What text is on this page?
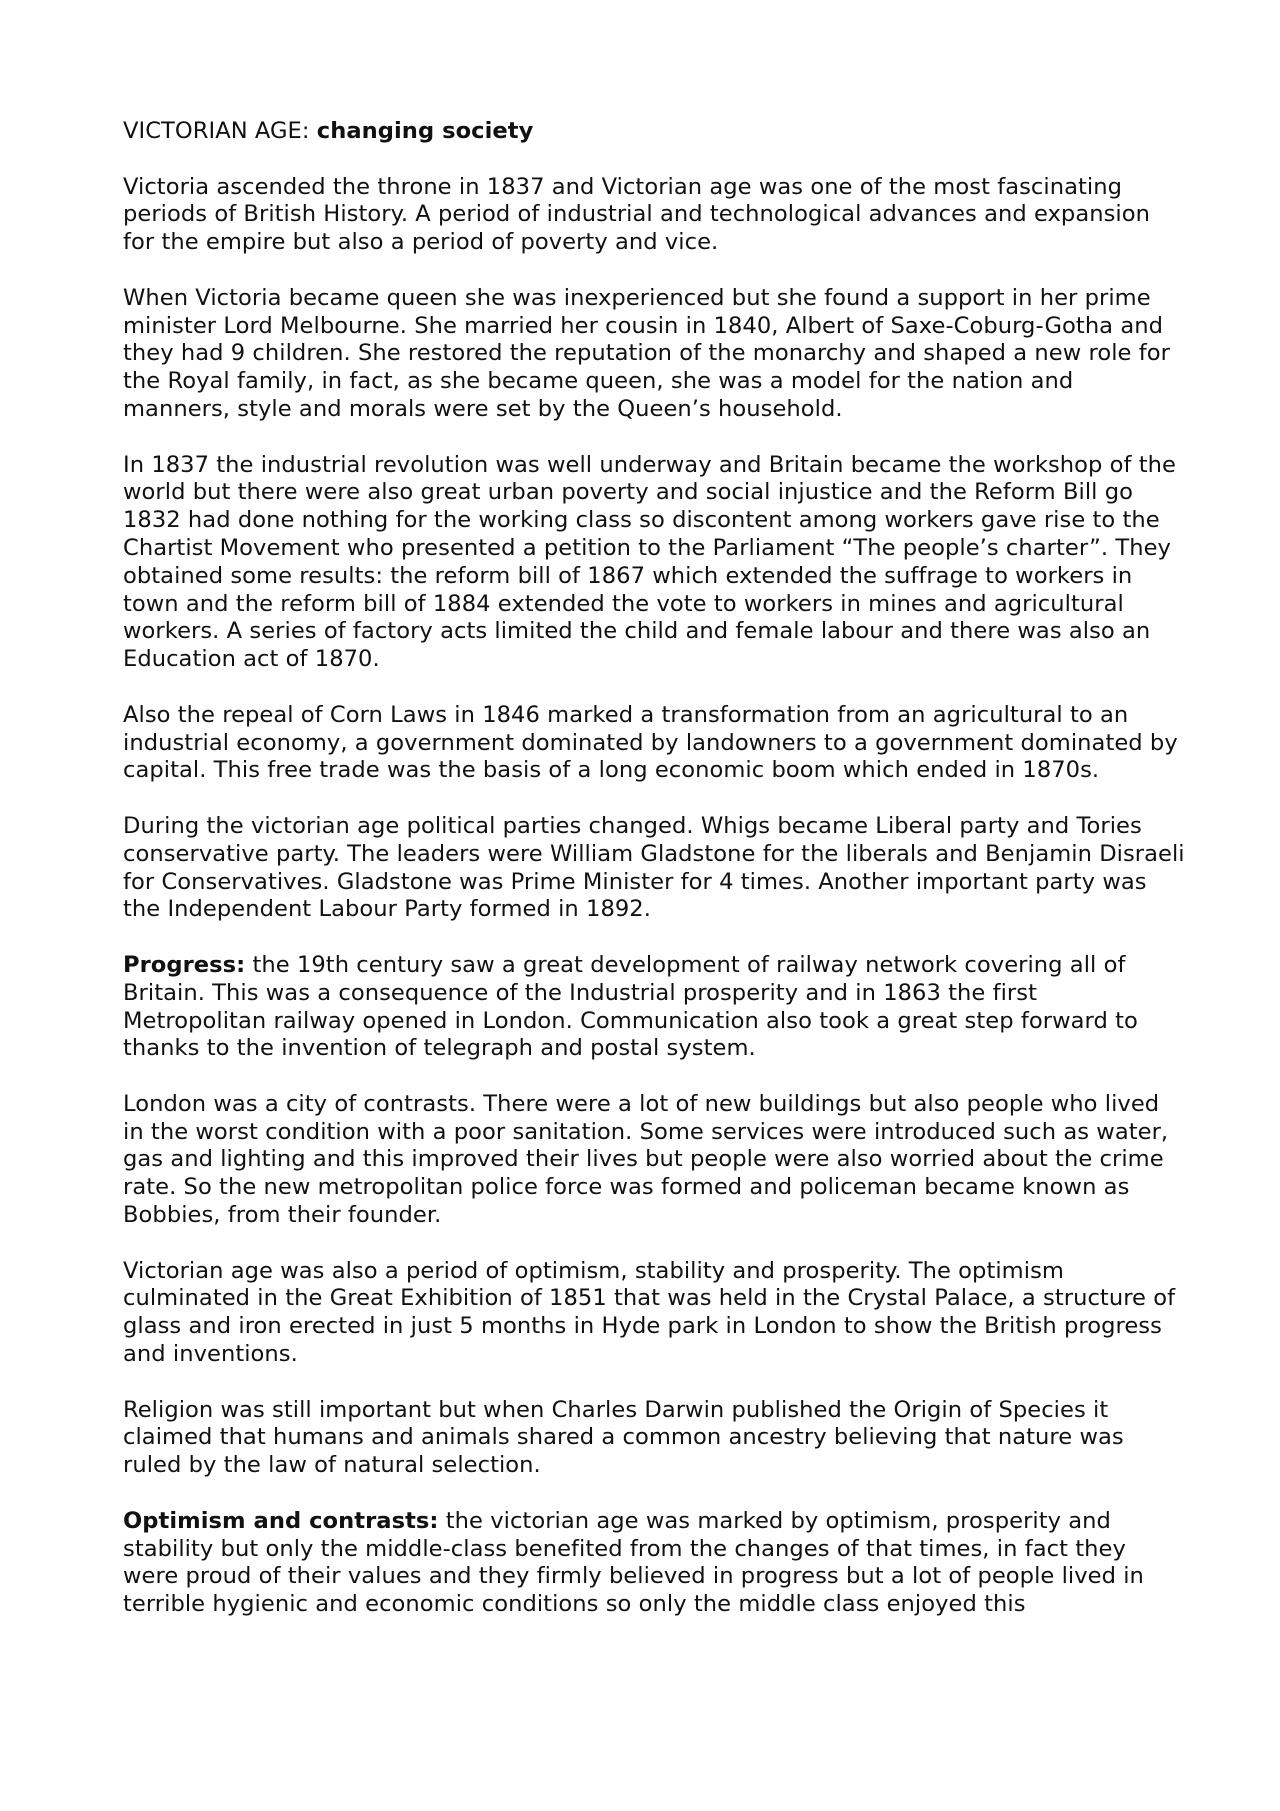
VICTORIAN AGE: changing society

Victoria ascended the throne in 1837 and Victorian age was one of the most fascinating periods of British History. A period of industrial and technological advances and expansion for the empire but also a period of poverty and vice.

When Victoria became queen she was inexperienced but she found a support in her prime minister Lord Melbourne. She married her cousin in 1840, Albert of Saxe-Coburg-Gotha and they had 9 children. She restored the reputation of the monarchy and shaped a new role for the Royal family, in fact, as she became queen, she was a model for the nation and manners, style and morals were set by the Queen’s household.

In 1837 the industrial revolution was well underway and Britain became the workshop of the world but there were also great urban poverty and social injustice and the Reform Bill go 1832 had done nothing for the working class so discontent among workers gave rise to the Chartist Movement who presented a petition to the Parliament “The people’s charter”. They obtained some results: the reform bill of 1867 which extended the suffrage to workers in town and the reform bill of 1884 extended the vote to workers in mines and agricultural workers. A series of factory acts limited the child and female labour and there was also an Education act of 1870.

Also the repeal of Corn Laws in 1846 marked a transformation from an agricultural to an industrial economy, a government dominated by landowners to a government dominated by capital. This free trade was the basis of a long economic boom which ended in 1870s.

During the victorian age political parties changed. Whigs became Liberal party and Tories conservative party. The leaders were William Gladstone for the liberals and Benjamin Disraeli for Conservatives. Gladstone was Prime Minister for 4 times. Another important party was the Independent Labour Party formed in 1892.

Progress: the 19th century saw a great development of railway network covering all of Britain. This was a consequence of the Industrial prosperity and in 1863 the first Metropolitan railway opened in London. Communication also took a great step forward to thanks to the invention of telegraph and postal system.

London was a city of contrasts. There were a lot of new buildings but also people who lived in the worst condition with a poor sanitation. Some services were introduced such as water, gas and lighting and this improved their lives but people were also worried about the crime rate. So the new metropolitan police force was formed and policeman became known as Bobbies, from their founder.

Victorian age was also a period of optimism, stability and prosperity. The optimism culminated in the Great Exhibition of 1851 that was held in the Crystal Palace, a structure of glass and iron erected in just 5 months in Hyde park in London to show the British progress and inventions.

Religion was still important but when Charles Darwin published the Origin of Species it claimed that humans and animals shared a common ancestry believing that nature was ruled by the law of natural selection.

Optimism and contrasts: the victorian age was marked by optimism, prosperity and stability but only the middle-class benefited from the changes of that times, in fact they were proud of their values and they firmly believed in progress but a lot of people lived in terrible hygienic and economic conditions so only the middle class enjoyed this
